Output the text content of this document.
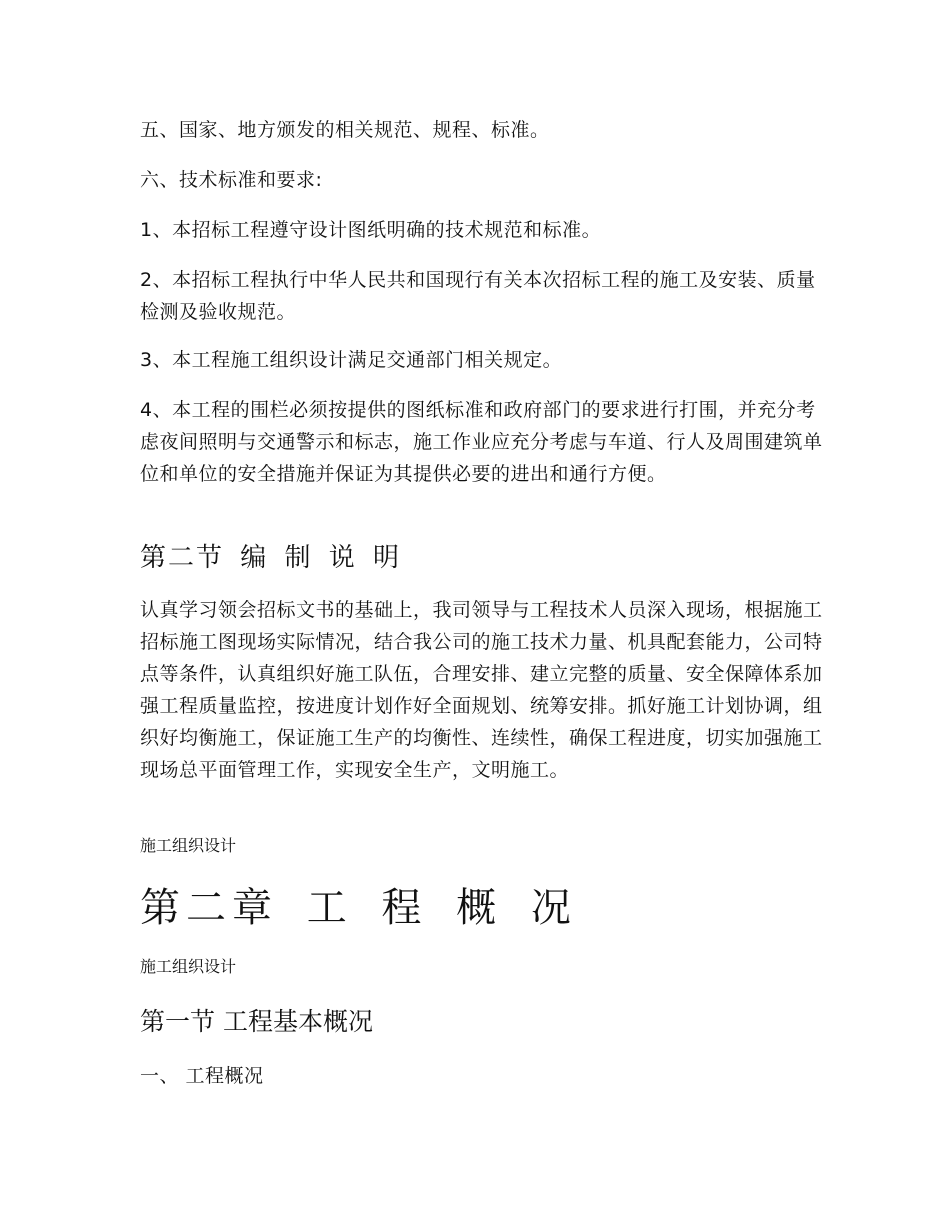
五、国家、地方颁发的相关规范、规程、标准。

六、技术标准和要求:

1、本招标工程遵守设计图纸明确的技术规范和标准。

2、本招标工程执行中华人民共和国现行有关本次招标工程的施工及安装、质量检测及验收规范。

3、本工程施工组织设计满足交通部门相关规定。

4、本工程的围栏必须按提供的图纸标准和政府部门的要求进行打围，并充分考虑夜间照明与交通警示和标志，施工作业应充分考虑与车道、行人及周围建筑单位和单位的安全措施并保证为其提供必要的进出和通行方便。

第二节 编 制 说 明

认真学习领会招标文书的基础上，我司领导与工程技术人员深入现场，根据施工招标施工图现场实际情况，结合我公司的施工技术力量、机具配套能力，公司特点等条件，认真组织好施工队伍，合理安排、建立完整的质量、安全保障体系加强工程质量监控，按进度计划作好全面规划、统筹安排。抓好施工计划协调，组织好均衡施工，保证施工生产的均衡性、连续性，确保工程进度，切实加强施工现场总平面管理工作，实现安全生产，文明施工。

施工组织设计

第二章 工 程 概 况

施工组织设计

第一节 工程基本概况

一、 工程概况
